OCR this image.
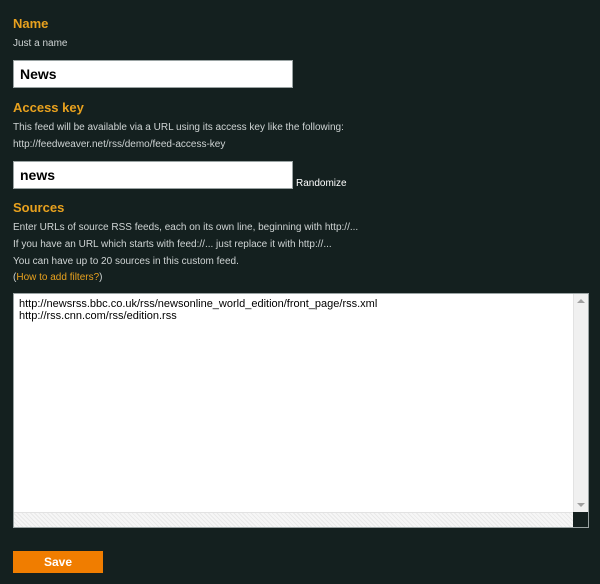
Name
Just a name
News
Access key
This feed will be available via a URL using its access key like the following:
http://feedweaver.net/rss/demo/feed-access-key
news
Randomize
Sources
Enter URLs of source RSS feeds, each on its own line, beginning with http://...
If you have an URL which starts with feed://... just replace it with http://...
You can have up to 20 sources in this custom feed.
(How to add filters?)
http://newsrss.bbc.co.uk/rss/newsonline_world_edition/front_page/rss.xml
http://rss.cnn.com/rss/edition.rss
Save
